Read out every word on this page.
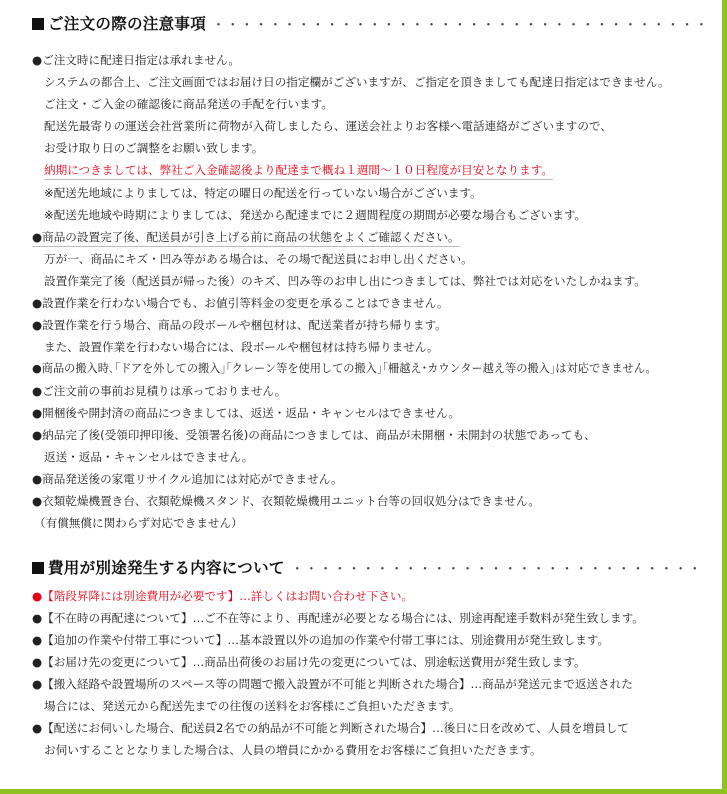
ご注文の際の注意事項 ・・・・・・・・・・・・・・・・・・・・・・・・・・・・・・・・・・・
●ご注文時に配達日指定は承れません。
システムの都合上、ご注文画面ではお届け日の指定欄がございますが、ご指定を頂きましても配達日指定はできません。
ご注文・ご入金の確認後に商品発送の手配を行います。
配送先最寄りの運送会社営業所に荷物が入荷しましたら、運送会社よりお客様へ電話連絡がございますので、
お受け取り日のご調整をお願い致します。
納期につきましては、弊社ご入金確認後より配達まで概ね１週間～１０日程度が目安となります。
※配送先地域によりましては、特定の曜日の配送を行っていない場合がございます。
※配送先地域や時期によりましては、発送から配達までに２週間程度の期間が必要な場合もございます。
●商品の設置完了後、配送員が引き上げる前に商品の状態をよくご確認ください。
万が一、商品にキズ・凹み等がある場合は、その場で配送員にお申し出ください。
設置作業完了後（配送員が帰った後）のキズ、凹み等のお申し出につきましては、弊社では対応をいたしかねます。
●設置作業を行わない場合でも、お値引等料金の変更を承ることはできません。
●設置作業を行う場合、商品の段ボールや梱包材は、配送業者が持ち帰ります。
また、設置作業を行わない場合には、段ボールや梱包材は持ち帰りません。
●商品の搬入時､｢ドアを外しての搬入｣｢クレーン等を使用しての搬入｣｢柵越え･カウンター越え等の搬入｣は対応できません。
●ご注文前の事前お見積りは承っておりません。
●開梱後や開封済の商品につきましては、返送・返品・キャンセルはできません。
●納品完了後(受領印押印後、受領署名後)の商品につきましては、商品が未開梱・未開封の状態であっても、
返送・返品・キャンセルはできません。
●商品発送後の家電リサイクル追加には対応ができません。
●衣類乾燥機置き台、衣類乾燥機スタンド、衣類乾燥機用ユニット台等の回収処分はできません。
（有償無償に関わらず対応できません）
費用が別途発生する内容について ・・・・・・・・・・・・・・・・・・・・・・・・・・・・・
●【階段昇降には別途費用が必要です】…詳しくはお問い合わせ下さい。
●【不在時の再配達について】…ご不在等により、再配達が必要となる場合には、別途再配達手数料が発生致します。
●【追加の作業や付帯工事について】…基本設置以外の追加の作業や付帯工事には、別途費用が発生致します。
●【お届け先の変更について】…商品出荷後のお届け先の変更については、別途転送費用が発生致します。
●【搬入経路や設置場所のスペース等の問題で搬入設置が不可能と判断された場合】…商品が発送元まで返送された
場合には、発送元から配送先までの往復の送料をお客様にご負担いただきます。
●【配送にお伺いした場合、配送員2名での納品が不可能と判断された場合】…後日に日を改めて、人員を増員して
お伺いすることとなりました場合は、人員の増員にかかる費用をお客様にご負担いただきます。
